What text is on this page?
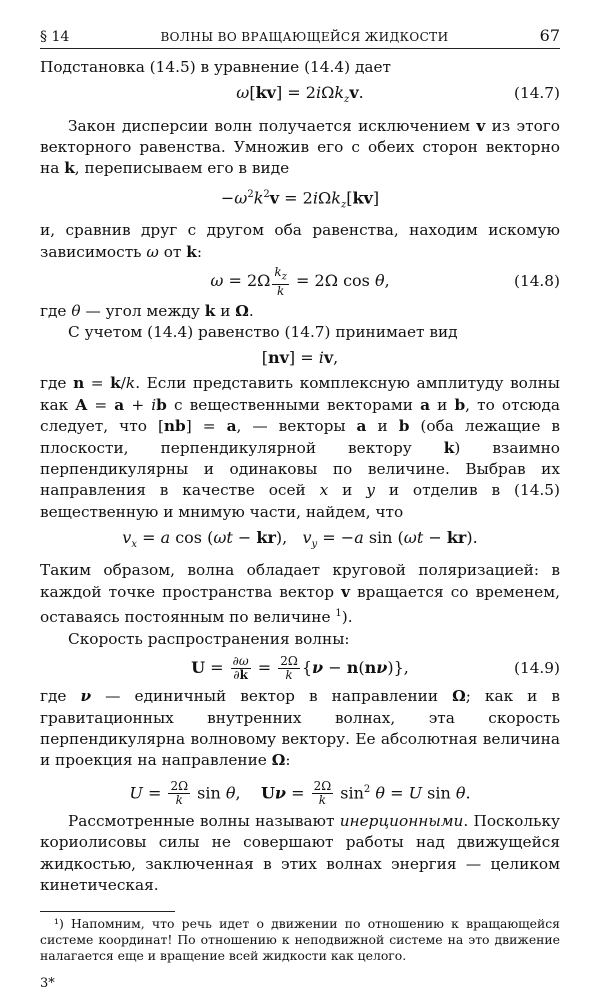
§ 14	ВОЛНЫ ВО ВРАЩАЮЩЕЙСЯ ЖИДКОСТИ	67

Подстановка (14.5) в уравнение (14.4) дает

ω[kv] = 2iΩk$_z$v.	(14.7)

Закон дисперсии волн получается исключением v из этого векторного равенства. Умножив его с обеих сторон векторно на k, переписываем его в виде

$-\omega^2k^2v = 2i\Omega k_z[kv]$

и, сравнив друг с другом оба равенства, находим искомую зависимость ω от k:

$\omega = 2\Omega \frac{k_z}{k} = 2\Omega$ cos θ,	(14.8)

где θ — угол между k и Ω.

С учетом (14.4) равенство (14.7) принимает вид

[nv] = iv,

где n = k/k. Если представить комплексную амплитуду волны как A = a + ib с вещественными векторами a и b, то отсюда следует, что [nb] = a, — векторы a и b (оба лежащие в плоскости, перпендикулярной вектору k) взаимно перпендикулярны и одинаковы по величине. Выбрав их направления в качестве осей x и y и отделив в (14.5) вещественную и мнимую части, найдем, что

$v_x = a$ cos (ωt − kr),   $v_y = -a$ sin (ωt − kr).

Таким образом, волна обладает круговой поляризацией: в каждой точке пространства вектор v вращается со временем, оставаясь постоянным по величине $^1$).

Скорость распространения волны:

$U = \frac{\partial\omega}{\partial k} = \frac{2\Omega}{k} \{\nu - n(n\nu)\}$,	(14.9)

где ν — единичный вектор в направлении Ω; как и в гравитационных внутренних волнах, эта скорость перпендикулярна волновому вектору. Ее абсолютная величина и проекция на направление Ω:

$U = \frac{2\Omega}{k}$ sin θ,    $U\nu = \frac{2\Omega}{k} \sin^2 \theta = U$ sin θ.

Рассмотренные волны называют инерционными. Поскольку кориолисовы силы не совершают работы над движущейся жидкостью, заключенная в этих волнах энергия — целиком кинетическая.

¹) Напомним, что речь идет о движении по отношению к вращающейся системе координат! По отношению к неподвижной системе на это движение налагается еще и вращение всей жидкости как целого.

3*
